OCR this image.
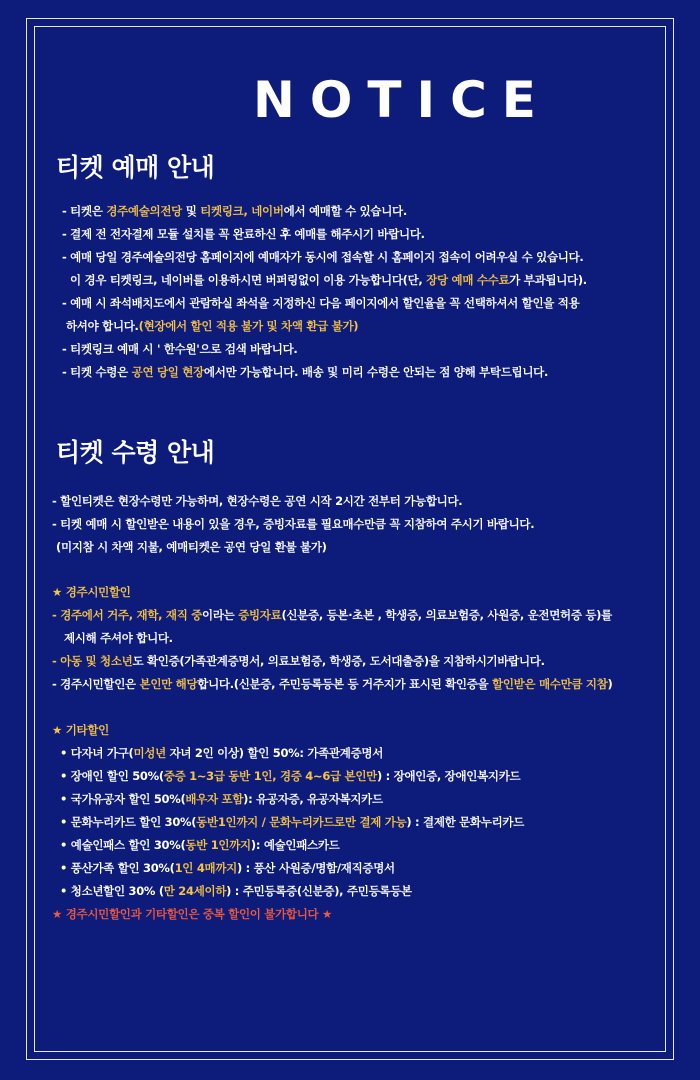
NOTICE
티켓 예매 안내
- 티켓은 경주예술의전당 및 티켓링크, 네이버에서 예매할 수 있습니다.
- 결제 전 전자결제 모듈 설치를 꼭 완료하신 후 예매를 해주시기 바랍니다.
- 예매 당일 경주예술의전당 홈페이지에 예매자가 동시에 접속할 시 홈페이지 접속이 어려우실 수 있습니다.
이 경우 티켓링크, 네이버를 이용하시면 버퍼링없이 이용 가능합니다(단, 장당 예매 수수료가 부과됩니다).
- 예매 시 좌석배치도에서 관람하실 좌석을 지정하신 다음 페이지에서 할인율을 꼭 선택하셔서 할인을 적용
하셔야 합니다.(현장에서 할인 적용 불가 및 차액 환급 불가)
- 티켓링크 예매 시 ' 한수원'으로 검색 바랍니다.
- 티켓 수령은 공연 당일 현장에서만 가능합니다. 배송 및 미리 수령은 안되는 점 양해 부탁드립니다.
티켓 수령 안내
- 할인티켓은 현장수령만 가능하며, 현장수령은 공연 시작 2시간 전부터 가능합니다.
- 티켓 예매 시 할인받은 내용이 있을 경우, 증빙자료를 필요매수만큼 꼭 지참하여 주시기 바랍니다.
(미지참 시 차액 지불, 예매티켓은 공연 당일 환불 불가)
★ 경주시민할인
- 경주에서 거주, 재학, 재직 중이라는 증빙자료(신분증, 등본·초본 , 학생증, 의료보험증, 사원증, 운전면허증 등)를
제시해 주셔야 합니다.
- 아동 및 청소년도 확인증(가족관계증명서, 의료보험증, 학생증, 도서대출증)을 지참하시기바랍니다.
- 경주시민할인은 본인만 해당합니다.(신분증, 주민등록등본 등 거주지가 표시된 확인증을 할인받은 매수만큼 지참)
★ 기타할인
• 다자녀 가구(미성년 자녀 2인 이상) 할인 50%: 가족관계증명서
• 장애인 할인 50%(중증 1~3급 동반 1인, 경증 4~6급 본인만) : 장애인증, 장애인복지카드
• 국가유공자 할인 50%(배우자 포함): 유공자증, 유공자복지카드
• 문화누리카드 할인 30%(동반1인까지 / 문화누리카드로만 결제 가능) : 결제한 문화누리카드
• 예술인패스 할인 30%(동반 1인까지): 예술인패스카드
• 풍산가족 할인 30%(1인 4매까지) : 풍산 사원증/명함/재직증명서
• 청소년할인 30% (만 24세이하) : 주민등록증(신분증), 주민등록등본
★ 경주시민할인과 기타할인은 중복 할인이 불가합니다 ★
